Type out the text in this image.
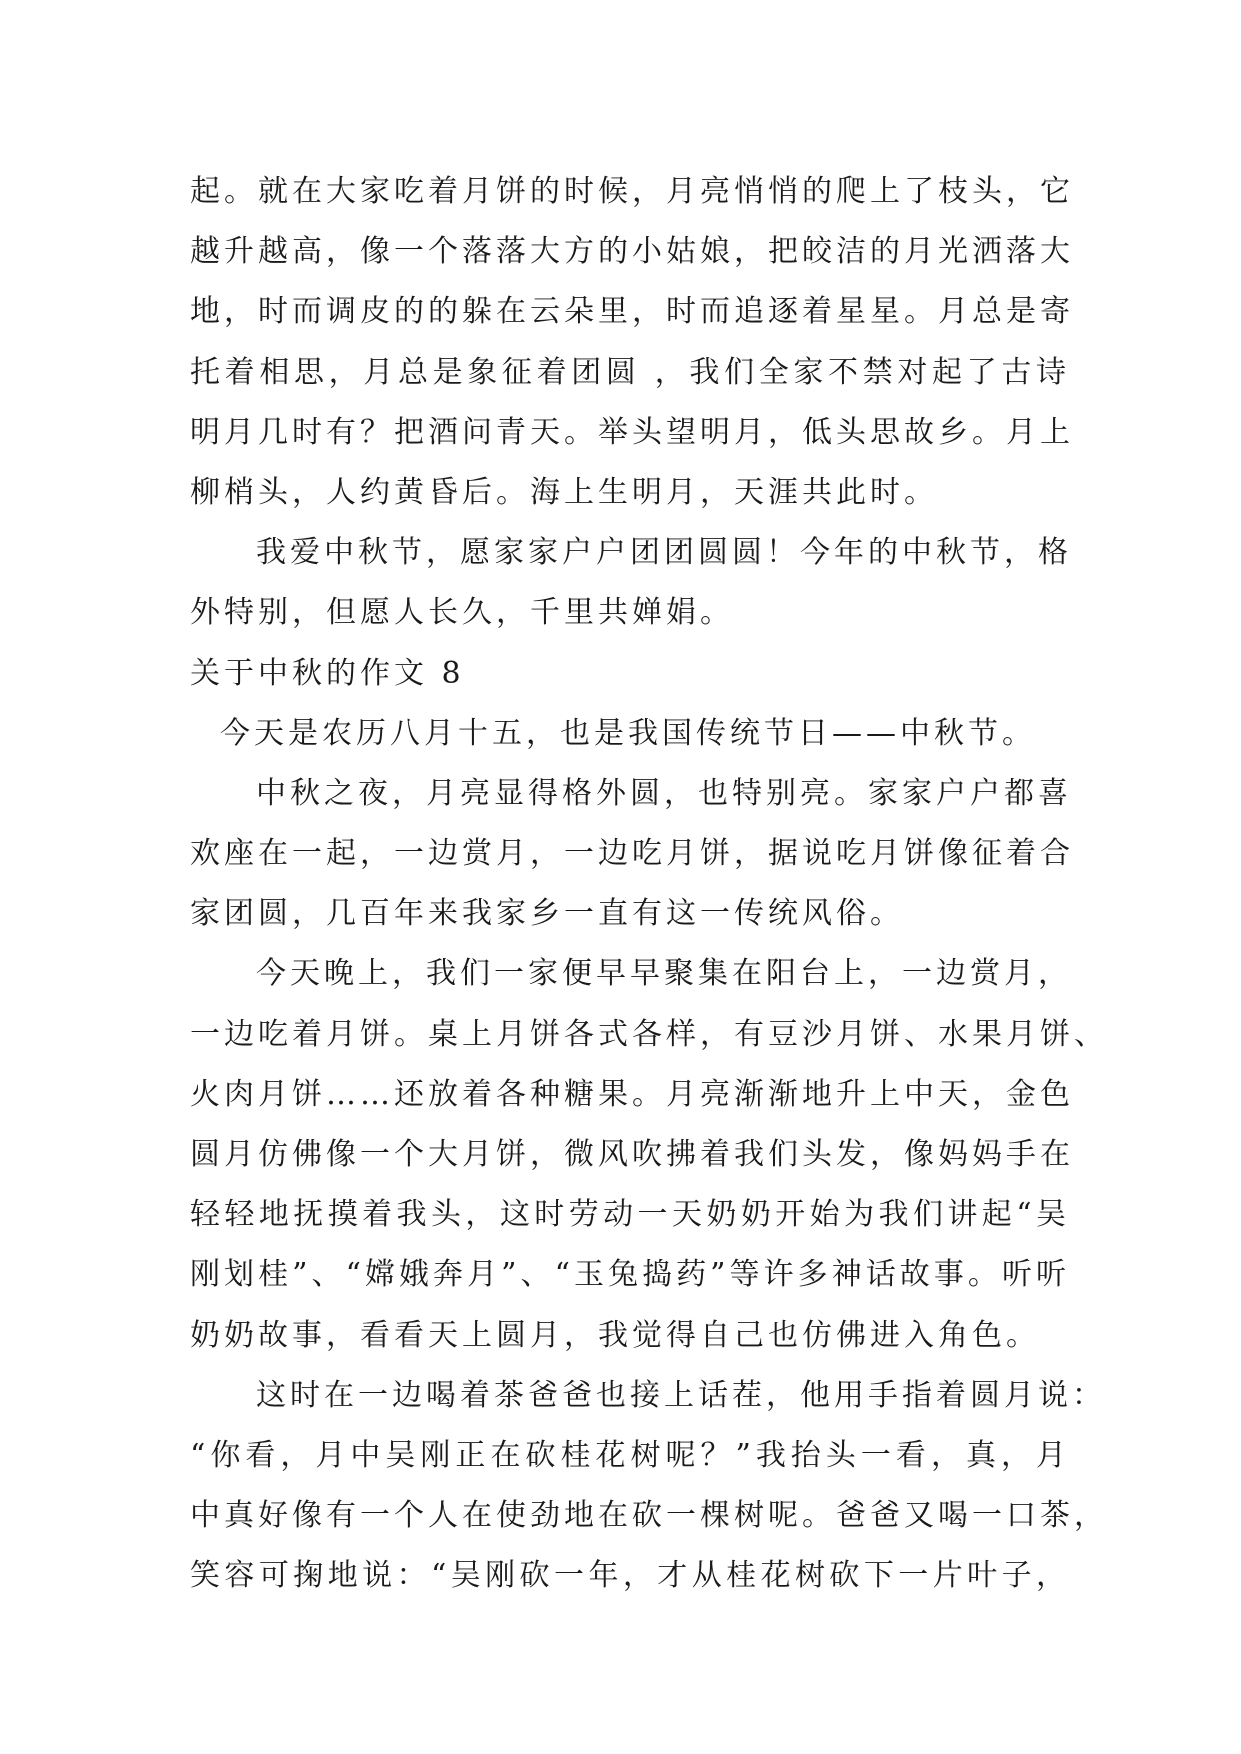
起。就在大家吃着月饼的时候，月亮悄悄的爬上了枝头，它
越升越高，像一个落落大方的小姑娘，把皎洁的月光洒落大
地，时而调皮的的躲在云朵里，时而追逐着星星。月总是寄
托着相思，月总是象征着团圆 ，我们全家不禁对起了古诗
明月几时有？把酒问青天。举头望明月，低头思故乡。月上
柳梢头，人约黄昏后。海上生明月，天涯共此时。
我爱中秋节，愿家家户户团团圆圆！今年的中秋节，格
外特别，但愿人长久，千里共婵娟。
关于中秋的作文 8
今天是农历八月十五，也是我国传统节日——中秋节。
中秋之夜，月亮显得格外圆，也特别亮。家家户户都喜
欢座在一起，一边赏月，一边吃月饼，据说吃月饼像征着合
家团圆，几百年来我家乡一直有这一传统风俗。
今天晚上，我们一家便早早聚集在阳台上，一边赏月，
一边吃着月饼。桌上月饼各式各样，有豆沙月饼、水果月饼、
火肉月饼……还放着各种糖果。月亮渐渐地升上中天，金色
圆月仿佛像一个大月饼，微风吹拂着我们头发，像妈妈手在
轻轻地抚摸着我头，这时劳动一天奶奶开始为我们讲起“吴
刚划桂”、“嫦娥奔月”、“玉兔捣药”等许多神话故事。听听
奶奶故事，看看天上圆月，我觉得自己也仿佛进入角色。
这时在一边喝着茶爸爸也接上话茬，他用手指着圆月说：
“你看，月中吴刚正在砍桂花树呢？”我抬头一看，真，月
中真好像有一个人在使劲地在砍一棵树呢。爸爸又喝一口茶，
笑容可掬地说：“吴刚砍一年，才从桂花树砍下一片叶子，
